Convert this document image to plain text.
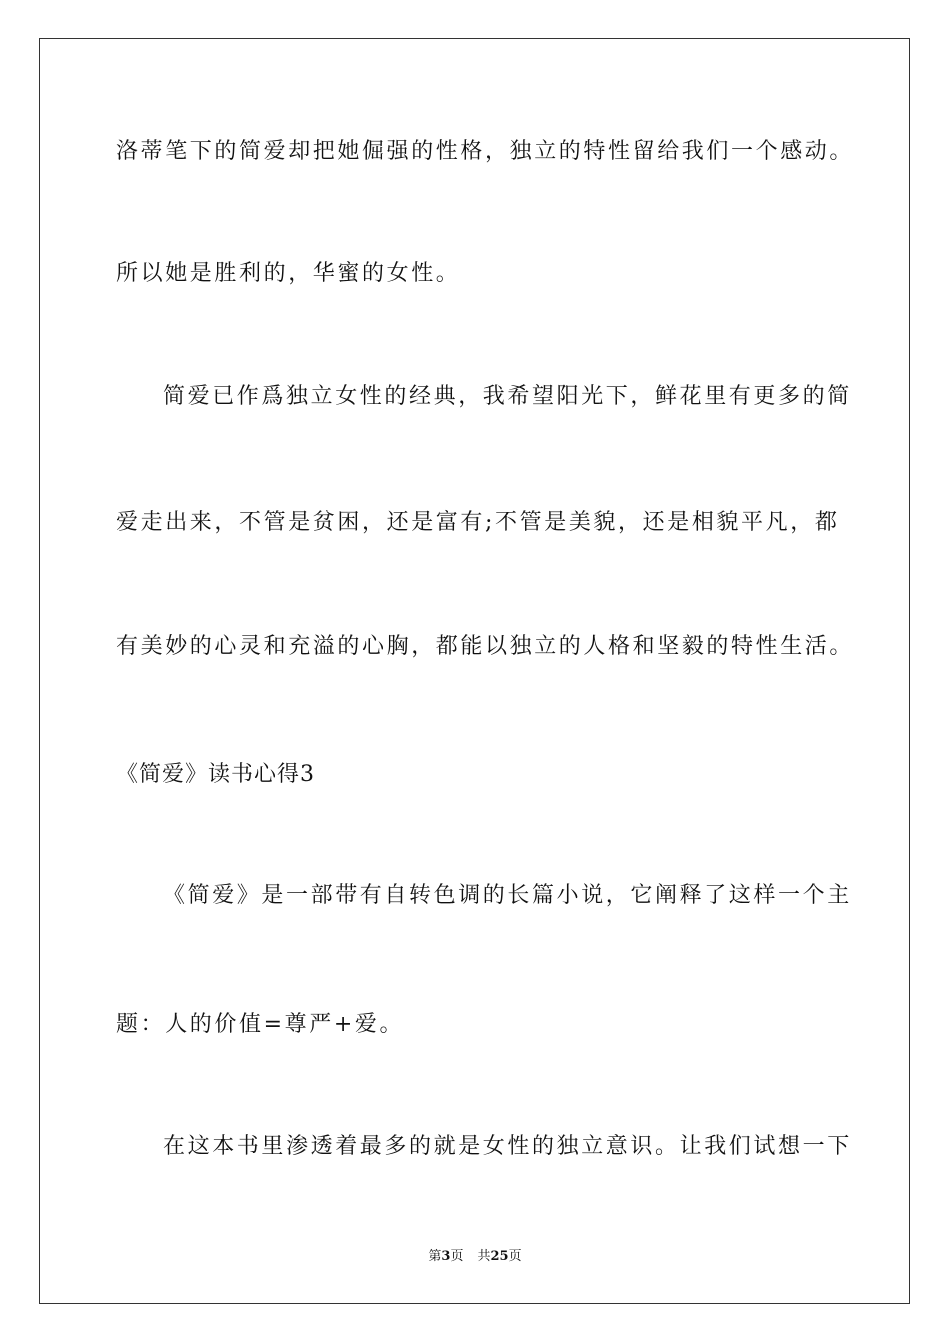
洛蒂笔下的简爱却把她倔强的性格，独立的特性留给我们一个感动。
所以她是胜利的，华蜜的女性。
简爱已作爲独立女性的经典，我希望阳光下，鲜花里有更多的简
爱走出来，不管是贫困，还是富有;不管是美貌，还是相貌平凡，都
有美妙的心灵和充溢的心胸，都能以独立的人格和坚毅的特性生活。
《简爱》读书心得3
《简爱》是一部带有自转色调的长篇小说，它阐释了这样一个主
题：人的价值=尊严+爱。
在这本书里渗透着最多的就是女性的独立意识。让我们试想一下
第3页 共25页
